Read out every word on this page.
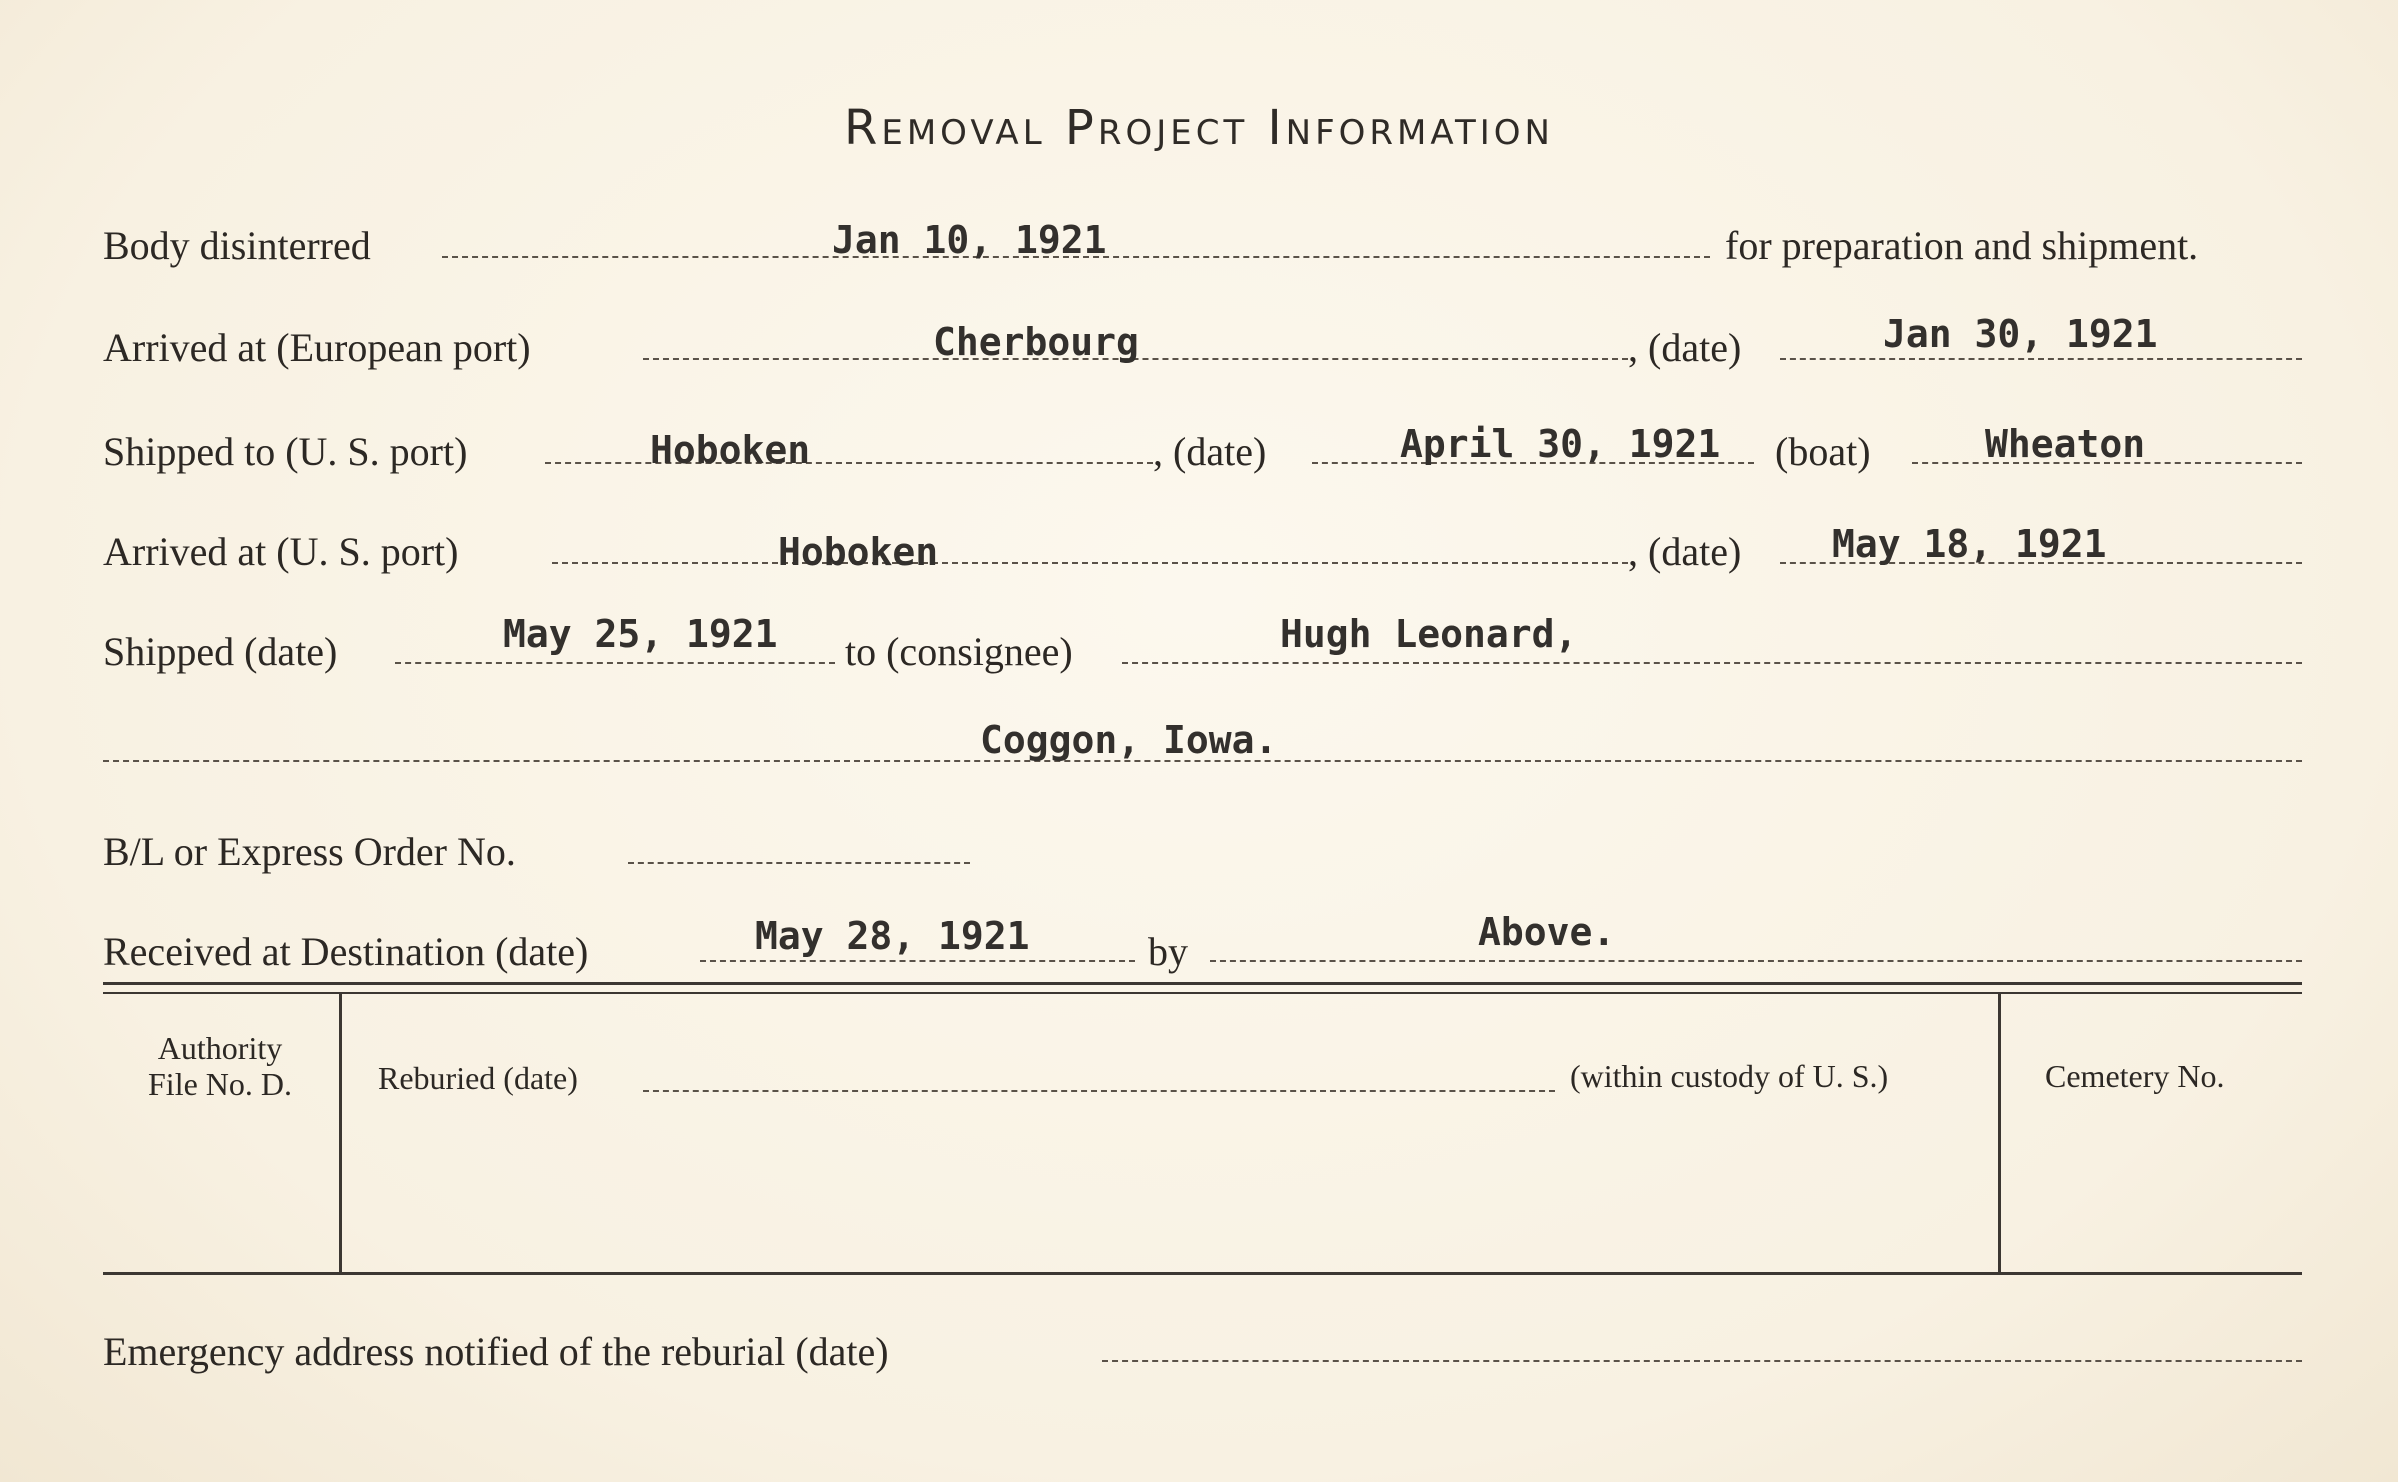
Removal Project Information
Body disinterred	Jan 10, 1921	for preparation and shipment.
Arrived at (European port)	Cherbourg	, (date)	Jan 30, 1921
Shipped to (U. S. port)	Hoboken	, (date)	April 30, 1921 (boat)	Wheaton
Arrived at (U. S. port)	Hoboken	, (date) May 18, 1921
Shipped (date)	May 25, 1921 to (consignee)	Hugh Leonard,
Coggon, Iowa.
B/L or Express Order No.
Received at Destination (date)	May 28, 1921	by	Above.
Authority
File No. D.	Reburied (date)	(within custody of U. S.)	Cemetery No.
Emergency address notified of the reburial (date)
